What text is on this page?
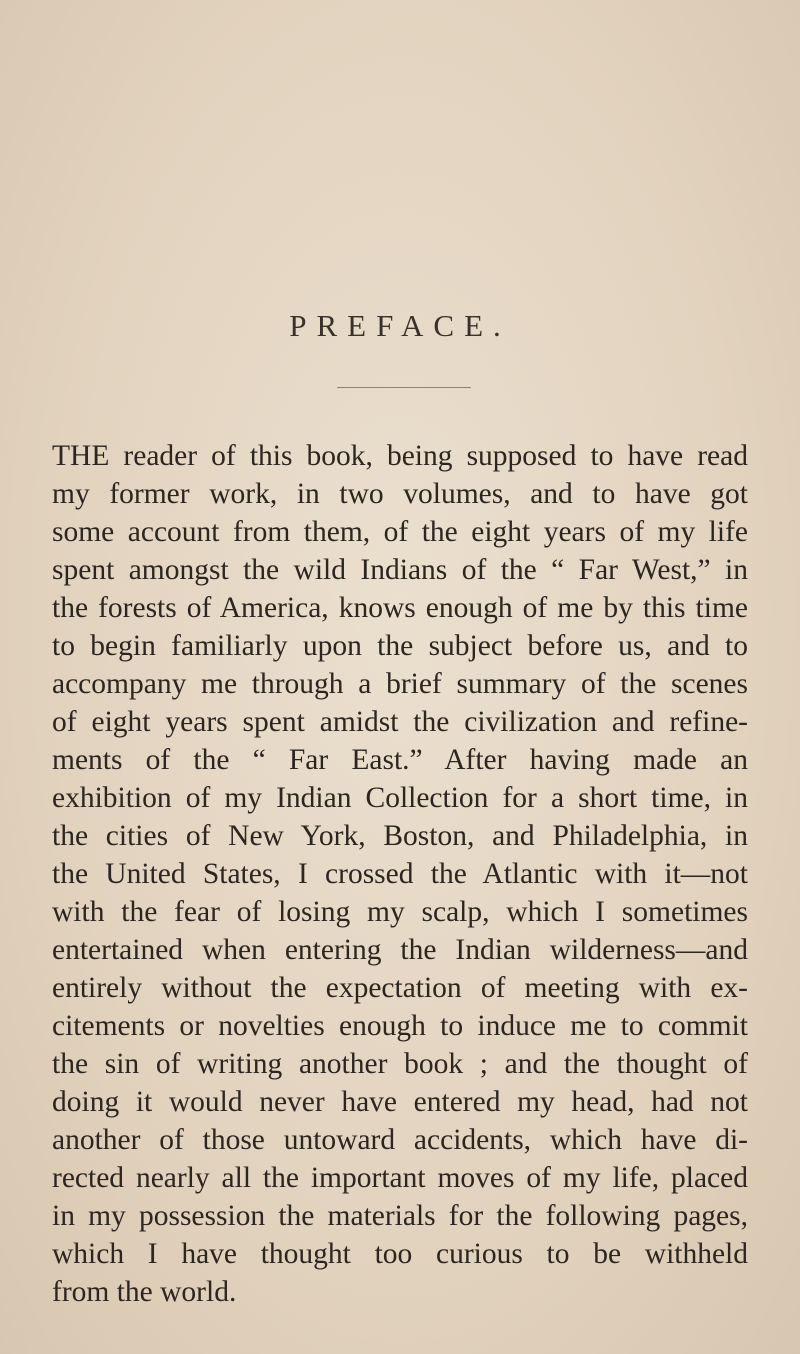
PREFACE.
THE reader of this book, being supposed to have read
my former work, in two volumes, and to have got
some account from them, of the eight years of my life
spent amongst the wild Indians of the “ Far West,” in
the forests of America, knows enough of me by this time
to begin familiarly upon the subject before us, and to
accompany me through a brief summary of the scenes
of eight years spent amidst the civilization and refine-
ments of the “ Far East.” After having made an
exhibition of my Indian Collection for a short time, in
the cities of New York, Boston, and Philadelphia, in
the United States, I crossed the Atlantic with it—not
with the fear of losing my scalp, which I sometimes
entertained when entering the Indian wilderness—and
entirely without the expectation of meeting with ex-
citements or novelties enough to induce me to commit
the sin of writing another book ; and the thought of
doing it would never have entered my head, had not
another of those untoward accidents, which have di-
rected nearly all the important moves of my life, placed
in my possession the materials for the following pages,
which I have thought too curious to be withheld
from the world.
